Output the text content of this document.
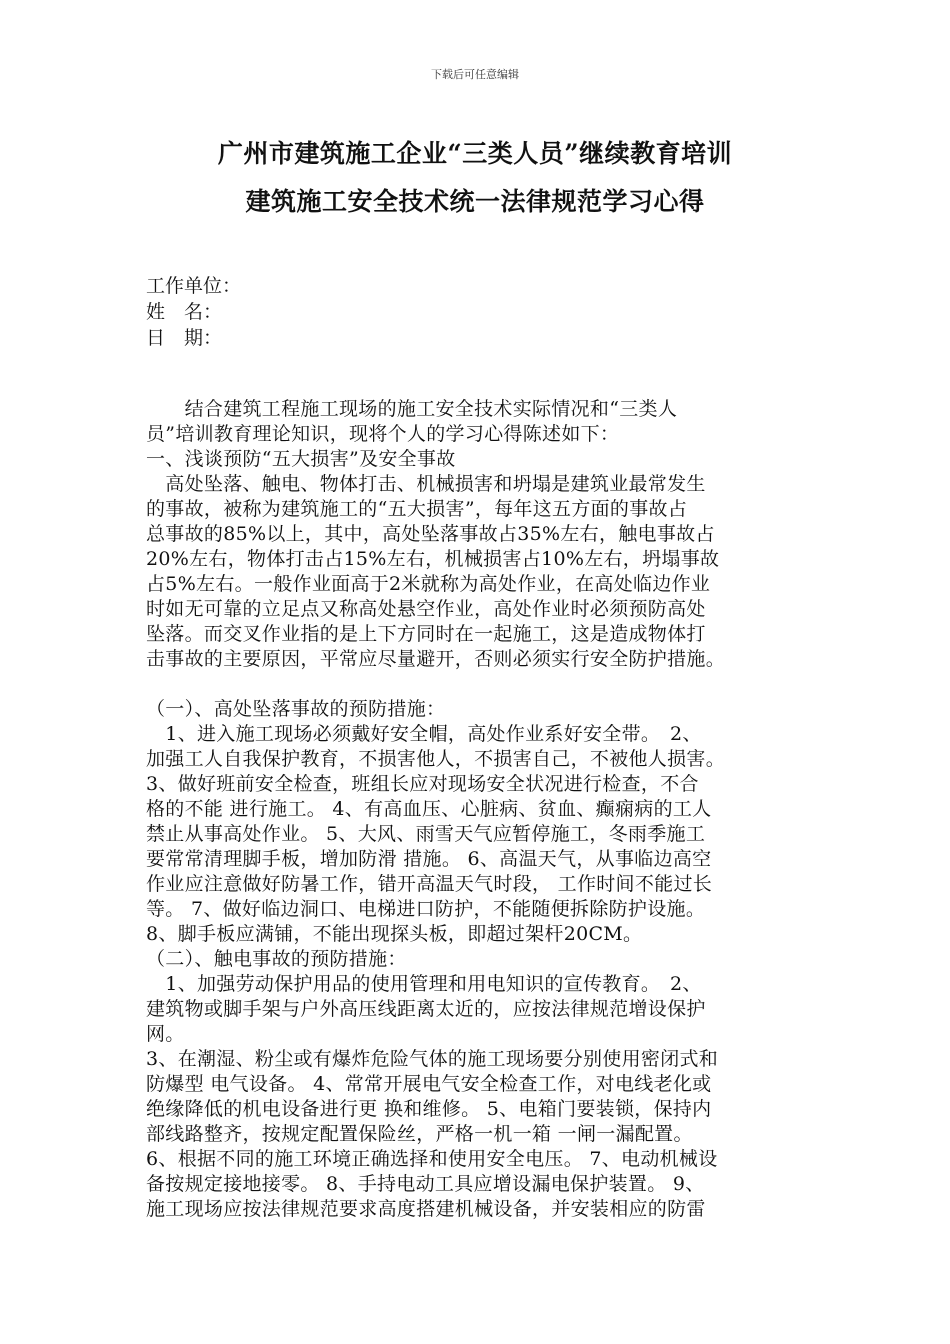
下载后可任意编辑
广州市建筑施工企业“三类人员”继续教育培训
建筑施工安全技术统一法律规范学习心得
工作单位：
姓　名：
日　期：

　　结合建筑工程施工现场的施工安全技术实际情况和“三类人

员”培训教育理论知识，现将个人的学习心得陈述如下：

一、浅谈预防“五大损害”及安全事故

　高处坠落、触电、物体打击、机械损害和坍塌是建筑业最常发生

的事故，被称为建筑施工的“五大损害”，每年这五方面的事故占

总事故的85%以上，其中，高处坠落事故占35%左右，触电事故占

20%左右，物体打击占15%左右，机械损害占10%左右，坍塌事故

占5%左右。一般作业面高于2米就称为高处作业，在高处临边作业

时如无可靠的立足点又称高处悬空作业，高处作业时必须预防高处

坠落。而交叉作业指的是上下方同时在一起施工，这是造成物体打

击事故的主要原因，平常应尽量避开，否则必须实行安全防护措施。

（一）、高处坠落事故的预防措施：

　1、进入施工现场必须戴好安全帽，高处作业系好安全带。　2、

加强工人自我保护教育，不损害他人，不损害自己，不被他人损害。

3、做好班前安全检查，班组长应对现场安全状况进行检查，不合

格的不能 进行施工。 4、有高血压、心脏病、贫血、癫痫病的工人

禁止从事高处作业。 5、大风、雨雪天气应暂停施工，冬雨季施工

要常常清理脚手板，增加防滑 措施。 6、高温天气，从事临边高空

作业应注意做好防暑工作，错开高温天气时段， 工作时间不能过长

等。 7、做好临边洞口、电梯进口防护，不能随便拆除防护设施。

8、脚手板应满铺，不能出现探头板，即超过架杆20CM。

（二）、触电事故的预防措施：

　1、加强劳动保护用品的使用管理和用电知识的宣传教育。　2、

建筑物或脚手架与户外高压线距离太近的，应按法律规范增设保护

网。

3、在潮湿、粉尘或有爆炸危险气体的施工现场要分别使用密闭式和

防爆型 电气设备。 4、常常开展电气安全检查工作，对电线老化或

绝缘降低的机电设备进行更 换和维修。 5、电箱门要装锁，保持内

部线路整齐，按规定配置保险丝，严格一机一箱 一闸一漏配置。

6、根据不同的施工环境正确选择和使用安全电压。 7、电动机械设

备按规定接地接零。 8、手持电动工具应增设漏电保护装置。 9、

施工现场应按法律规范要求高度搭建机械设备，并安装相应的防雷
